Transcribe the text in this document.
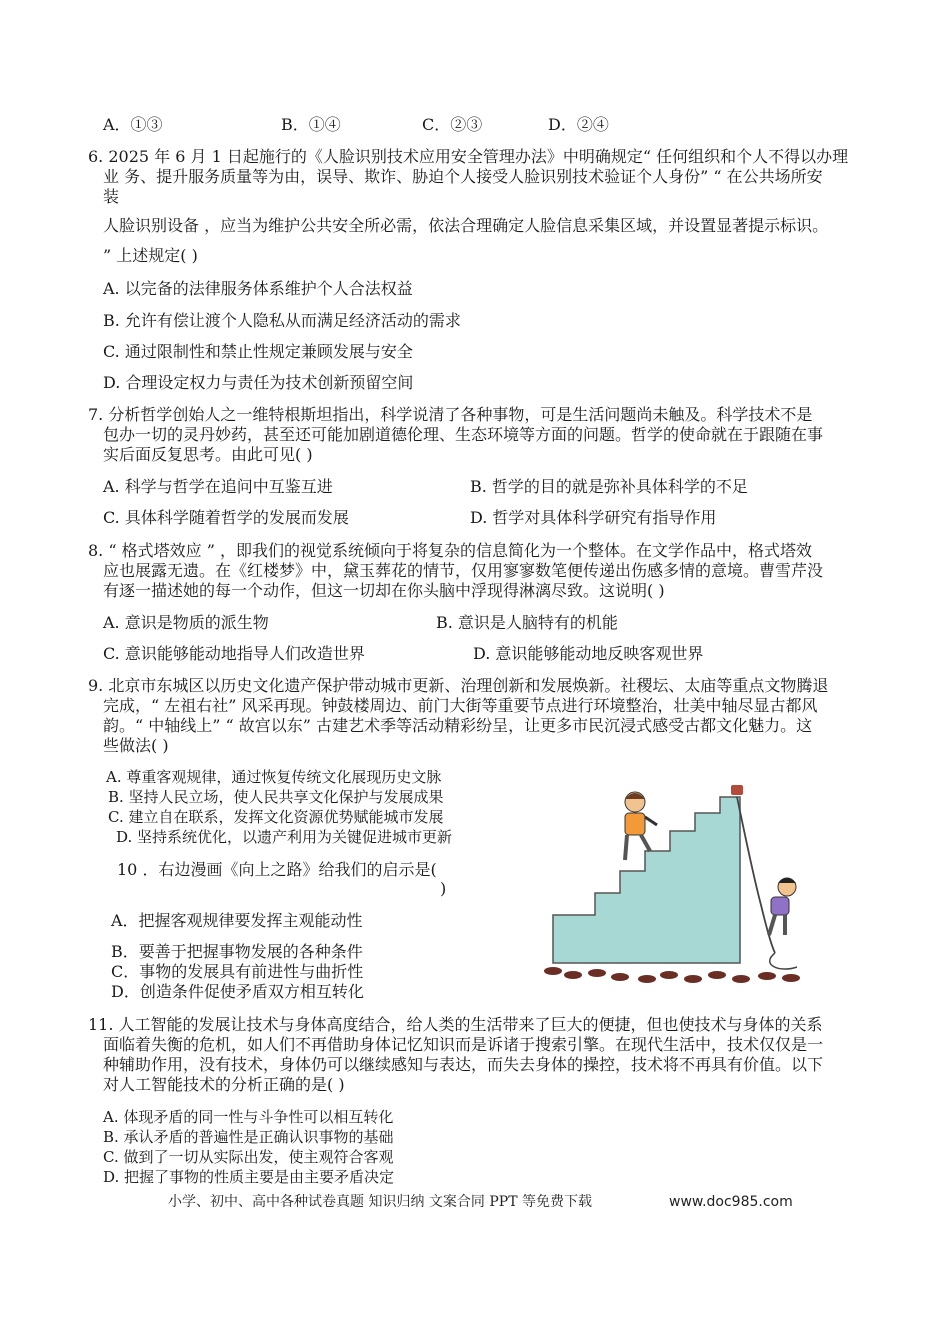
A．①③	B．①④	C．②③	D．②④
6. 2025 年 6 月 1 日起施行的《人脸识别技术应用安全管理办法》中明确规定“ 任何组织和个人不得以办理
业 务、提升服务质量等为由，误导、欺诈、胁迫个人接受人脸识别技术验证个人身份” “ 在公共场所安
装
人脸识别设备 ，应当为维护公共安全所必需，依法合理确定人脸信息采集区域，并设置显著提示标识。
” 上述规定( )
A. 以完备的法律服务体系维护个人合法权益
B. 允许有偿让渡个人隐私从而满足经济活动的需求
C. 通过限制性和禁止性规定兼顾发展与安全
D. 合理设定权力与责任为技术创新预留空间
7. 分析哲学创始人之一维特根斯坦指出，科学说清了各种事物，可是生活问题尚未触及。科学技术不是
包办一切的灵丹妙药，甚至还可能加剧道德伦理、生态环境等方面的问题。哲学的使命就在于跟随在事
实后面反复思考。由此可见( )
A. 科学与哲学在追问中互鉴互进	B. 哲学的目的就是弥补具体科学的不足
C. 具体科学随着哲学的发展而发展	D. 哲学对具体科学研究有指导作用
8. “ 格式塔效应 ” ，即我们的视觉系统倾向于将复杂的信息简化为一个整体。在文学作品中，格式塔效
应也展露无遗。在《红楼梦》中，黛玉葬花的情节，仅用寥寥数笔便传递出伤感多情的意境。曹雪芹没
有逐一描述她的每一个动作，但这一切却在你头脑中浮现得淋漓尽致。这说明( )
A. 意识是物质的派生物	B. 意识是人脑特有的机能
C. 意识能够能动地指导人们改造世界	D. 意识能够能动地反映客观世界
9. 北京市东城区以历史文化遗产保护带动城市更新、治理创新和发展焕新。社稷坛、太庙等重点文物腾退
完成，“ 左祖右社” 风采再现。钟鼓楼周边、前门大街等重要节点进行环境整治，壮美中轴尽显古都风
韵。“ 中轴线上” “ 故宫以东” 古建艺术季等活动精彩纷呈，让更多市民沉浸式感受古都文化魅力。这
些做法( )
A. 尊重客观规律，通过恢复传统文化展现历史文脉
B. 坚持人民立场，使人民共享文化保护与发展成果
C. 建立自在联系，发挥文化资源优势赋能城市发展
D. 坚持系统优化，以遗产利用为关键促进城市更新
10 ．右边漫画《向上之路》给我们的启示是(
)
A．把握客观规律要发挥主观能动性
B．要善于把握事物发展的各种条件
C．事物的发展具有前进性与曲折性
D．创造条件促使矛盾双方相互转化
11. 人工智能的发展让技术与身体高度结合，给人类的生活带来了巨大的便捷，但也使技术与身体的关系
面临着失衡的危机，如人们不再借助身体记忆知识而是诉诸于搜索引擎。在现代生活中，技术仅仅是一
种辅助作用，没有技术，身体仍可以继续感知与表达，而失去身体的操控，技术将不再具有价值。以下
对人工智能技术的分析正确的是( )
A. 体现矛盾的同一性与斗争性可以相互转化
B. 承认矛盾的普遍性是正确认识事物的基础
C. 做到了一切从实际出发，使主观符合客观
D. 把握了事物的性质主要是由主要矛盾决定
小学、初中、高中各种试卷真题 知识归纳 文案合同 PPT 等免费下载	www.doc985.com
